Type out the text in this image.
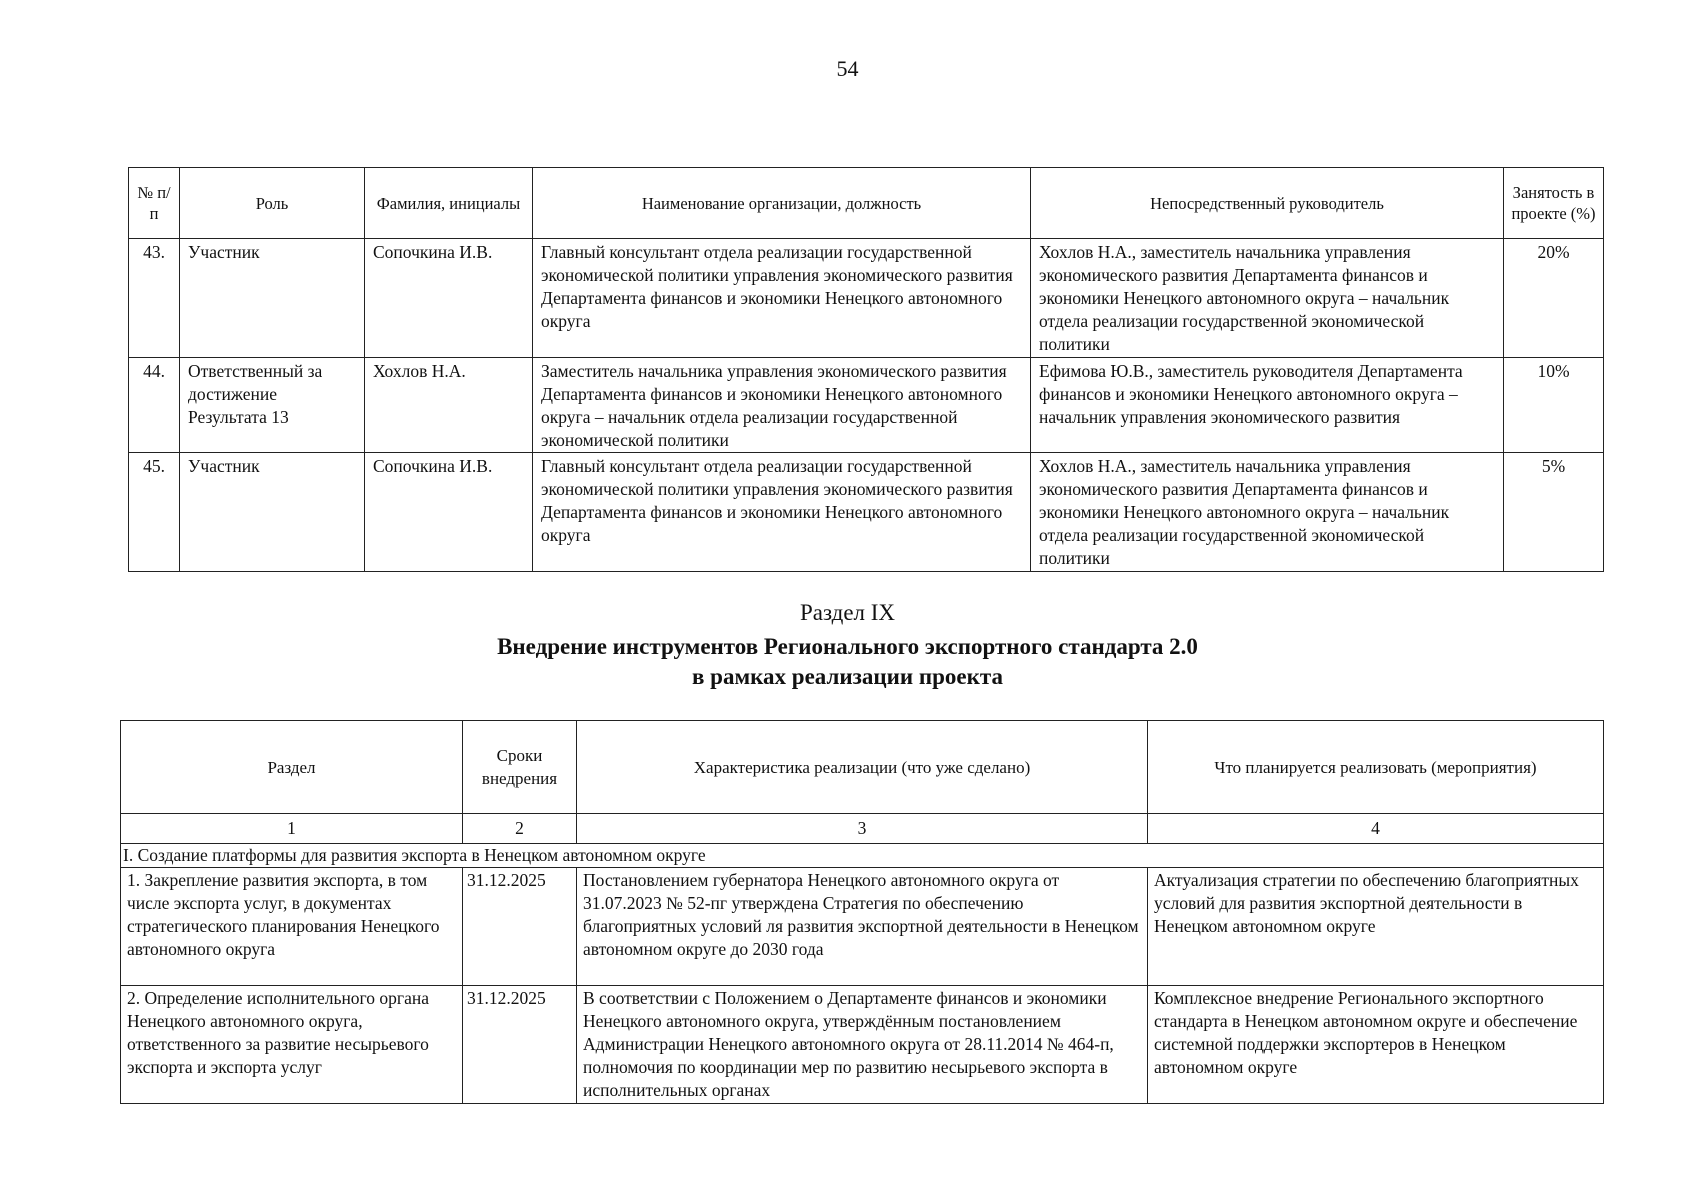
54
№ п/п	Роль	Фамилия, инициалы	Наименование организации, должность	Непосредственный руководитель	Занятость в проекте (%)
43.	Участник	Сопочкина И.В.	Главный консультант отдела реализации государственной экономической политики управления экономического развития Департамента финансов и экономики Ненецкого автономного округа	Хохлов Н.А., заместитель начальника управления экономического развития Департамента финансов и экономики Ненецкого автономного округа – начальник отдела реализации государственной экономической политики	20%
44.	Ответственный за достижение Результата 13	Хохлов Н.А.	Заместитель начальника управления экономического развития Департамента финансов и экономики Ненецкого автономного округа – начальник отдела реализации государственной экономической политики	Ефимова Ю.В., заместитель руководителя Департамента финансов и экономики Ненецкого автономного округа – начальник управления экономического развития	10%
45.	Участник	Сопочкина И.В.	Главный консультант отдела реализации государственной экономической политики управления экономического развития Департамента финансов и экономики Ненецкого автономного округа	Хохлов Н.А., заместитель начальника управления экономического развития Департамента финансов и экономики Ненецкого автономного округа – начальник отдела реализации государственной экономической политики	5%
Раздел IX
Внедрение инструментов Регионального экспортного стандарта 2.0
в рамках реализации проекта
Раздел	Сроки внедрения	Характеристика реализации (что уже сделано)	Что планируется реализовать (мероприятия)
1	2	3	4
I. Создание платформы для развития экспорта в Ненецком автономном округе			
1. Закрепление развития экспорта, в том числе экспорта услуг, в документах стратегического планирования Ненецкого автономного округа	31.12.2025	Постановлением губернатора Ненецкого автономного округа от 31.07.2023 № 52-пг утверждена Стратегия по обеспечению благоприятных условий ля развития экспортной деятельности в Ненецком автономном округе до 2030 года	Актуализация стратегии по обеспечению благоприятных условий для развития экспортной деятельности в Ненецком автономном округе
2. Определение исполнительного органа Ненецкого автономного округа, ответственного за развитие несырьевого экспорта и экспорта услуг	31.12.2025	В соответствии с Положением о Департаменте финансов и экономики Ненецкого автономного округа, утверждённым постановлением Администрации Ненецкого автономного округа от 28.11.2014 № 464-п, полномочия по координации мер по развитию несырьевого экспорта в исполнительных органах	Комплексное внедрение Регионального экспортного стандарта в Ненецком автономном округе и обеспечение системной поддержки экспортеров в Ненецком автономном округе
